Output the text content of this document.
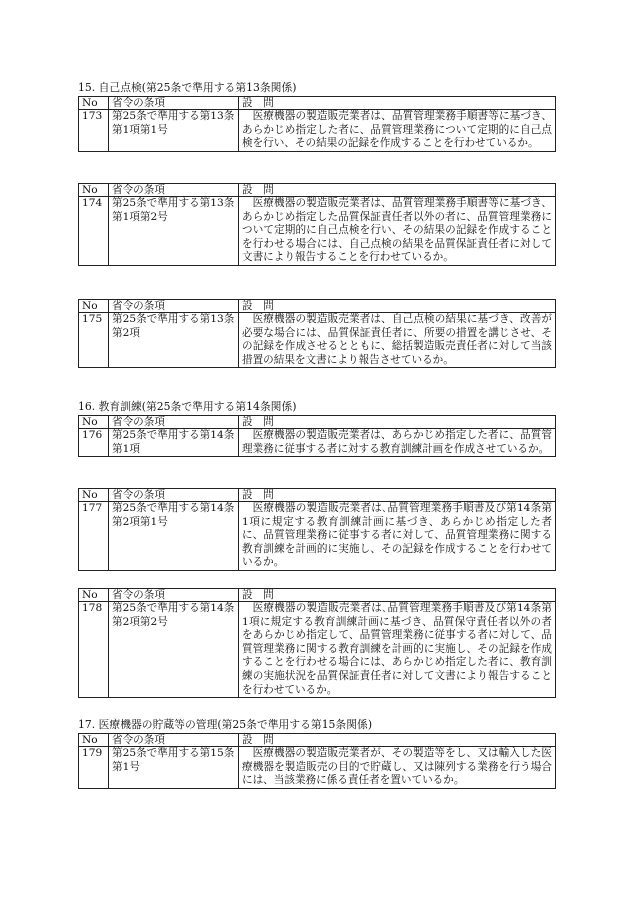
15. 自己点検(第25条で準用する第13条関係)
No	省令の条項	設　問
173	第25条で準用する第13条第1項第1号	医療機器の製造販売業者は、品質管理業務手順書等に基づき、あらかじめ指定した者に、品質管理業務について定期的に自己点検を行い、その結果の記録を作成することを行わせているか。
No	省令の条項	設　問
174	第25条で準用する第13条第1項第2号	医療機器の製造販売業者は、品質管理業務手順書等に基づき、あらかじめ指定した品質保証責任者以外の者に、品質管理業務について定期的に自己点検を行い、その結果の記録を作成することを行わせる場合には、自己点検の結果を品質保証責任者に対して文書により報告することを行わせているか。
No	省令の条項	設　問
175	第25条で準用する第13条第2項	医療機器の製造販売業者は、自己点検の結果に基づき、改善が必要な場合には、品質保証責任者に、所要の措置を講じさせ、その記録を作成させるとともに、総括製造販売責任者に対して当該措置の結果を文書により報告させているか。
16. 教育訓練(第25条で準用する第14条関係)
No	省令の条項	設　問
176	第25条で準用する第14条第1項	医療機器の製造販売業者は、あらかじめ指定した者に、品質管理業務に従事する者に対する教育訓練計画を作成させているか。
No	省令の条項	設　問
177	第25条で準用する第14条第2項第1号	医療機器の製造販売業者は､品質管理業務手順書及び第14条第1項に規定する教育訓練計画に基づき、あらかじめ指定した者に、品質管理業務に従事する者に対して、品質管理業務に関する教育訓練を計画的に実施し、その記録を作成することを行わせているか。
No	省令の条項	設　問
178	第25条で準用する第14条第2項第2号	医療機器の製造販売業者は､品質管理業務手順書及び第14条第1項に規定する教育訓練計画に基づき、品質保守責任者以外の者をあらかじめ指定して、品質管理業務に従事する者に対して、品質管理業務に関する教育訓練を計画的に実施し、その記録を作成することを行わせる場合には、あらかじめ指定した者に、教育訓練の実施状況を品質保証責任者に対して文書により報告することを行わせているか。
17. 医療機器の貯蔵等の管理(第25条で準用する第15条関係)
No	省令の条項	設　問
179	第25条で準用する第15条第1号	医療機器の製造販売業者が、その製造等をし、又は輸入した医療機器を製造販売の目的で貯蔵し、又は陳列する業務を行う場合には、当該業務に係る責任者を置いているか。
